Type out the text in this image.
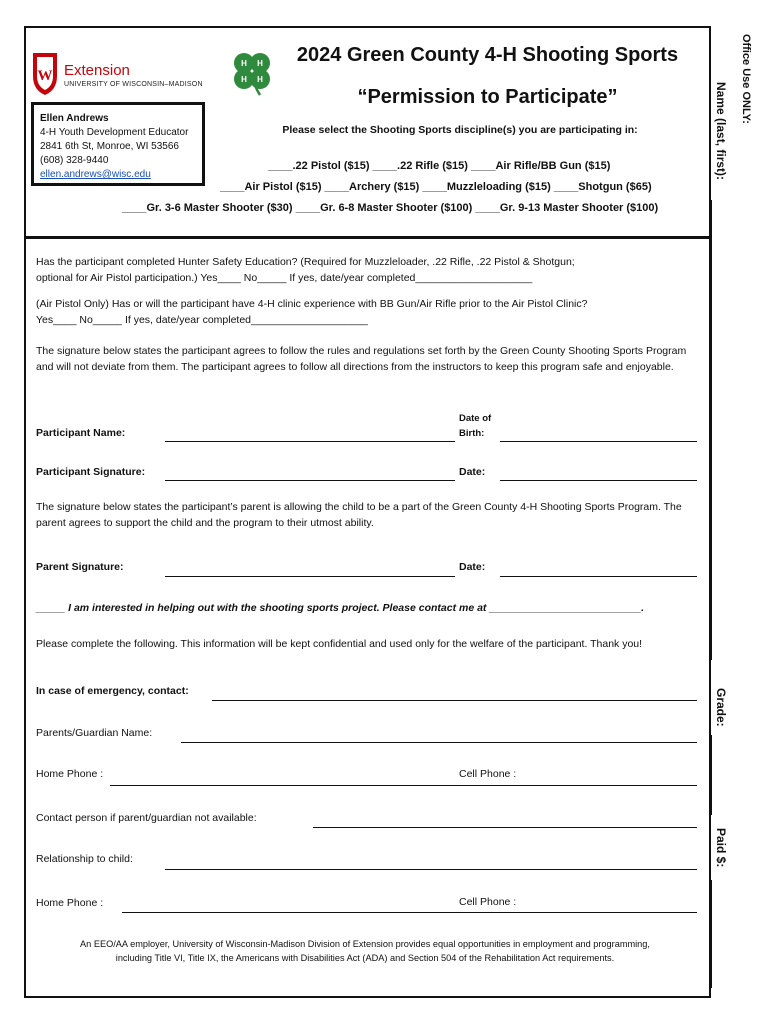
W Extension
UNIVERSITY OF WISCONSIN–MADISON
H H
H H
Ellen Andrews
4-H Youth Development Educator
2841 6th St, Monroe, WI 53566
(608) 328-9440
ellen.andrews@wisc.edu
2024 Green County 4-H Shooting Sports
“Permission to Participate”
Please select the Shooting Sports discipline(s) you are participating in:
____.22 Pistol ($15) ____.22 Rifle ($15) ____Air Rifle/BB Gun ($15)
____Air Pistol ($15) ____Archery ($15) ____Muzzleloading ($15) ____Shotgun ($65)
____Gr. 3-6 Master Shooter ($30) ____Gr. 6-8 Master Shooter ($100) ____Gr. 9-13 Master Shooter ($100)
Office Use ONLY:
Name (last, first):
Grade:
Paid $:
Has the participant completed Hunter Safety Education? (Required for Muzzleloader, .22 Rifle, .22 Pistol & Shotgun;
optional for Air Pistol participation.) Yes____ No_____ If yes, date/year completed____________________
(Air Pistol Only) Has or will the participant have 4-H clinic experience with BB Gun/Air Rifle prior to the Air Pistol Clinic?
Yes____ No_____ If yes, date/year completed____________________
The signature below states the participant agrees to follow the rules and regulations set forth by the Green County Shooting Sports Program and will not deviate from them. The participant agrees to follow all directions from the instructors to keep this program safe and enjoyable.
Participant Name:
Date of
Birth:
Participant Signature:	Date:
The signature below states the participant’s parent is allowing the child to be a part of the Green County 4-H Shooting Sports Program. The parent agrees to support the child and the program to their utmost ability.
Parent Signature:	Date:
_____ I am interested in helping out with the shooting sports project. Please contact me at __________________________.
Please complete the following. This information will be kept confidential and used only for the welfare of the participant. Thank you!
In case of emergency, contact:
Parents/Guardian Name:
Home Phone :	Cell Phone :
Contact person if parent/guardian not available:
Relationship to child:
Home Phone :	Cell Phone :
An EEO/AA employer, University of Wisconsin-Madison Division of Extension provides equal opportunities in employment and programming,
including Title VI, Title IX, the Americans with Disabilities Act (ADA) and Section 504 of the Rehabilitation Act requirements.
